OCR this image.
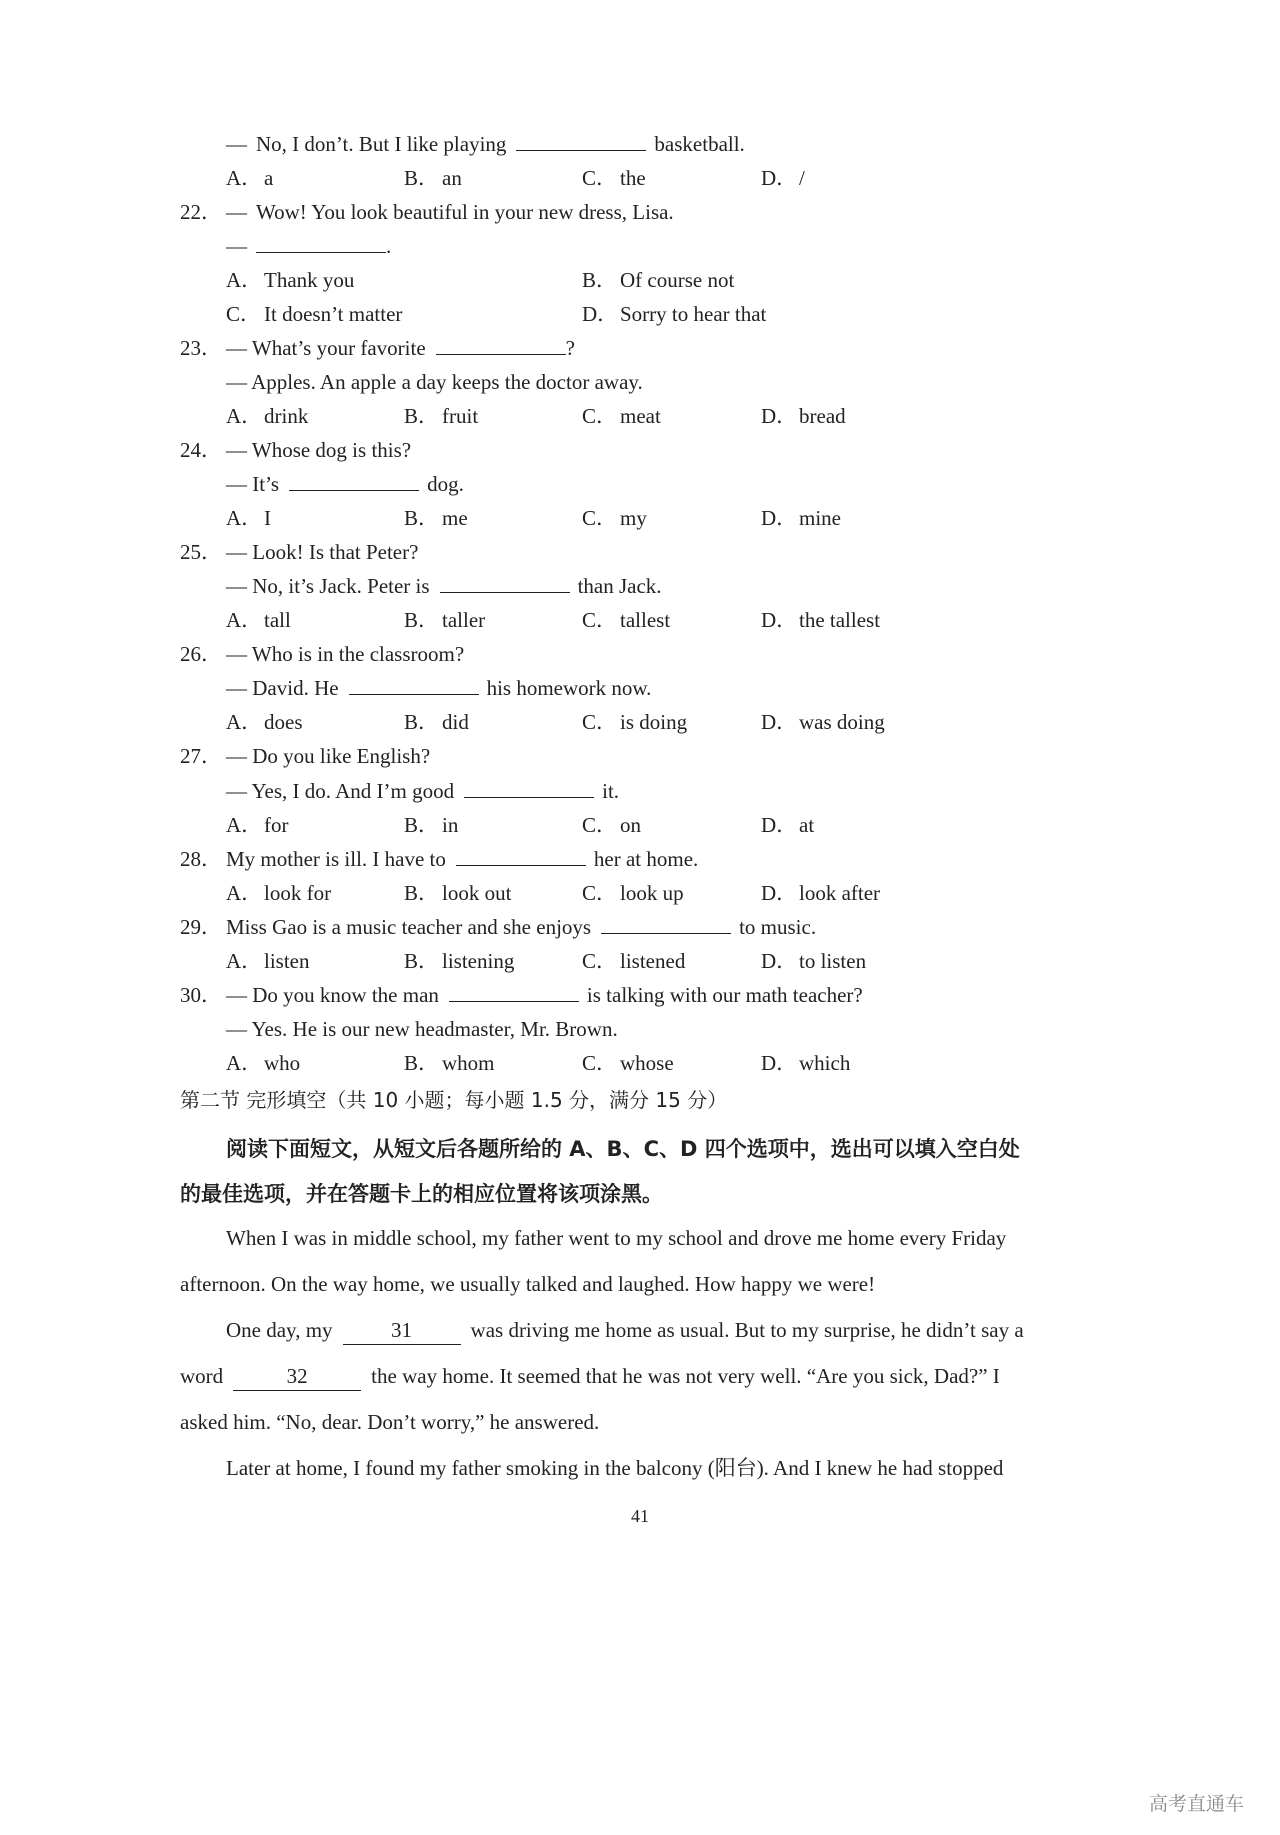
— No, I don’t. But I like playing	basketball.
A．a	B． an	C． the	D．/
22． — Wow! You look beautiful in your new dress, Lisa.
—	.
A．Thank you	B． Of course not
C． It doesn’t matter	D．Sorry to hear that
23． — What’s your favorite	?
— Apples. An apple a day keeps the doctor away.
A．drink	B． fruit	C． meat	D．bread
24． — Whose dog is this?
— It’s	dog.
A．I	B． me	C． my	D．mine
25． — Look! Is that Peter?
— No, it’s Jack. Peter is	than Jack.
A．tall	B． taller	C． tallest	D．the tallest
26． — Who is in the classroom?
— David. He	his homework now.
A．does	B． did	C． is doing	D．was doing
27． — Do you like English?
— Yes, I do. And I’m good	it.
A．for	B． in	C． on	D．at
28． My mother is ill. I have to	her at home.
A．look for	B． look out	C． look up	D．look after
29． Miss Gao is a music teacher and she enjoys	to music.
A．listen	B． listening	C． listened	D．to listen
30． — Do you know the man	is talking with our math teacher?
— Yes. He is our new headmaster, Mr. Brown.
A．who	B． whom	C． whose	D．which
第二节 完形填空（共 10 小题；每小题 1.5 分，满分 15 分）
阅读下面短文，从短文后各题所给的 A、B、C、D 四个选项中，选出可以填入空白处
的最佳选项，并在答题卡上的相应位置将该项涂黑。
When I was in middle school, my father went to my school and drove me home every Friday
afternoon. On the way home, we usually talked and laughed. How happy we were!
One day, my	31	was driving me home as usual. But to my surprise, he didn’t say a
word	32	the way home. It seemed that he was not very well. “Are you sick, Dad?” I
asked him. “No, dear. Don’t worry,” he answered.
Later at home, I found my father smoking in the balcony (阳台). And I knew he had stopped
41
高考直通车
